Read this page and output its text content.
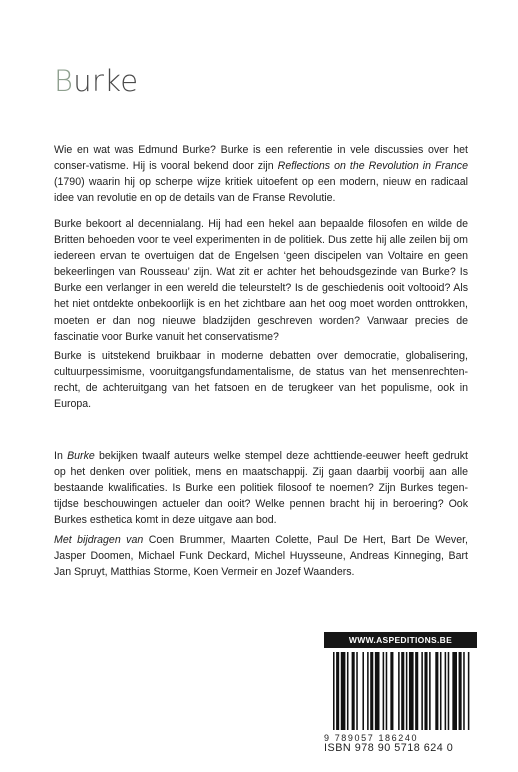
Burke

Wie en wat was Edmund Burke? Burke is een referentie in vele discussies over het conser-vatisme. Hij is vooral bekend door zijn Reflections on the Revolution in France (1790) waarin hij op scherpe wijze kritiek uitoefent op een modern, nieuw en radicaal idee van revolutie en op de details van de Franse Revolutie.

Burke bekoort al decennialang. Hij had een hekel aan bepaalde filosofen en wilde de Britten behoeden voor te veel experimenten in de politiek. Dus zette hij alle zeilen bij om iedereen ervan te overtuigen dat de Engelsen ‘geen discipelen van Voltaire en geen bekeerlingen van Rousseau’ zijn. Wat zit er achter het behoudsgezinde van Burke? Is Burke een verlanger in een wereld die teleurstelt? Is de geschiedenis ooit voltooid? Als het niet ontdekte onbekoorlijk is en het zichtbare aan het oog moet worden onttrokken, moeten er dan nog nieuwe bladzijden geschreven worden? Vanwaar precies de fascinatie voor Burke vanuit het conservatisme?

Burke is uitstekend bruikbaar in moderne debatten over democratie, globalisering, cultuurpessimisme, vooruitgangsfundamentalisme, de status van het mensenrechten-recht, de achteruitgang van het fatsoen en de terugkeer van het populisme, ook in Europa.

In Burke bekijken twaalf auteurs welke stempel deze achttiende-eeuwer heeft gedrukt op het denken over politiek, mens en maatschappij. Zij gaan daarbij voorbij aan alle bestaande kwalificaties. Is Burke een politiek filosoof te noemen? Zijn Burkes tegen-tijdse beschouwingen actueler dan ooit? Welke pennen bracht hij in beroering? Ook Burkes esthetica komt in deze uitgave aan bod.

Met bijdragen van Coen Brummer, Maarten Colette, Paul De Hert, Bart De Wever, Jasper Doomen, Michael Funk Deckard, Michel Huysseune, Andreas Kinneging, Bart Jan Spruyt, Matthias Storme, Koen Vermeir en Jozef Waanders.

WWW.ASPEDITIONS.BE
9 789057 186240
ISBN 978 90 5718 624 0
